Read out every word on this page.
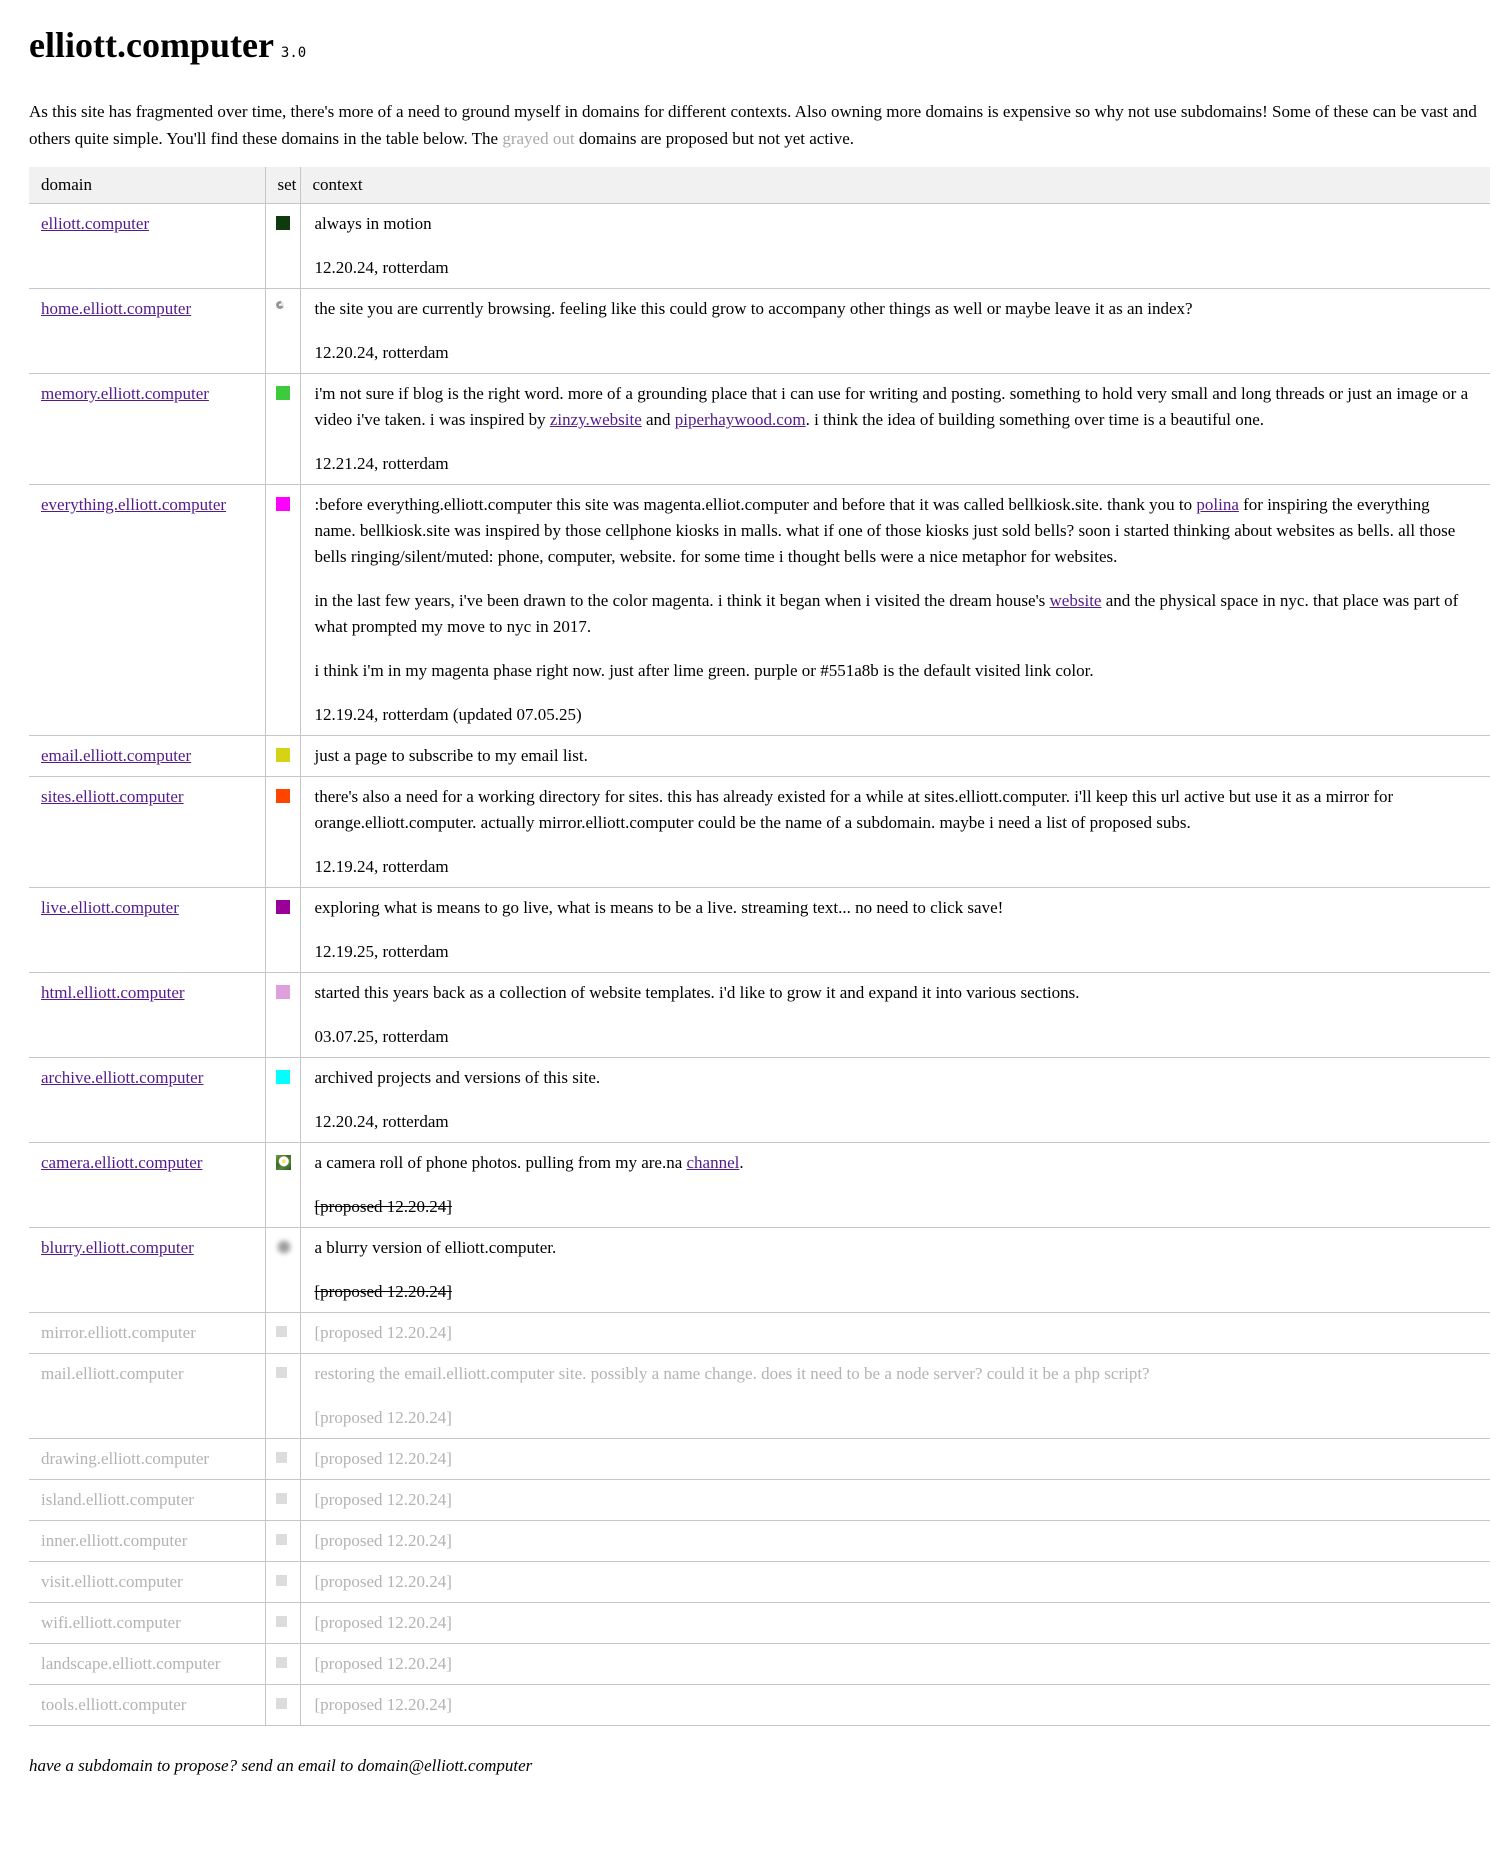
elliott.computer 3.0

As this site has fragmented over time, there's more of a need to ground myself in domains for different contexts. Also owning more domains is expensive so why not use subdomains! Some of these can be vast and others quite simple. You'll find these domains in the table below. The grayed out domains are proposed but not yet active.

domain	set	context
elliott.computer		always in motion

12.20.24, rotterdam

home.elliott.computer		the site you are currently browsing. feeling like this could grow to accompany other things as well or maybe leave it as an index?

12.20.24, rotterdam

memory.elliott.computer		i'm not sure if blog is the right word. more of a grounding place that i can use for writing and posting. something to hold very small and long threads or just an image or a video i've taken. i was inspired by zinzy.website and piperhaywood.com. i think the idea of building something over time is a beautiful one.

12.21.24, rotterdam

everything.elliott.computer		:before everything.elliott.computer this site was magenta.elliot.computer and before that it was called bellkiosk.site. thank you to polina for inspiring the everything name. bellkiosk.site was inspired by those cellphone kiosks in malls. what if one of those kiosks just sold bells? soon i started thinking about websites as bells. all those bells ringing/silent/muted: phone, computer, website. for some time i thought bells were a nice metaphor for websites.

in the last few years, i've been drawn to the color magenta. i think it began when i visited the dream house's website and the physical space in nyc. that place was part of what prompted my move to nyc in 2017.

i think i'm in my magenta phase right now. just after lime green. purple or #551a8b is the default visited link color.

12.19.24, rotterdam (updated 07.05.25)

email.elliott.computer		just a page to subscribe to my email list.

sites.elliott.computer		there's also a need for a working directory for sites. this has already existed for a while at sites.elliott.computer. i'll keep this url active but use it as a mirror for orange.elliott.computer. actually mirror.elliott.computer could be the name of a subdomain. maybe i need a list of proposed subs.

12.19.24, rotterdam

live.elliott.computer		exploring what is means to go live, what is means to be a live. streaming text... no need to click save!

12.19.25, rotterdam

html.elliott.computer		started this years back as a collection of website templates. i'd like to grow it and expand it into various sections.

03.07.25, rotterdam

archive.elliott.computer		archived projects and versions of this site.

12.20.24, rotterdam

camera.elliott.computer		a camera roll of phone photos. pulling from my are.na channel.

[proposed 12.20.24]

blurry.elliott.computer		a blurry version of elliott.computer.

[proposed 12.20.24]

mirror.elliott.computer		[proposed 12.20.24]

mail.elliott.computer		restoring the email.elliott.computer site. possibly a name change. does it need to be a node server? could it be a php script?

[proposed 12.20.24]

drawing.elliott.computer		[proposed 12.20.24]

island.elliott.computer		[proposed 12.20.24]

inner.elliott.computer		[proposed 12.20.24]

visit.elliott.computer		[proposed 12.20.24]

wifi.elliott.computer		[proposed 12.20.24]

landscape.elliott.computer		[proposed 12.20.24]

tools.elliott.computer		[proposed 12.20.24]

have a subdomain to propose? send an email to domain@elliott.computer
